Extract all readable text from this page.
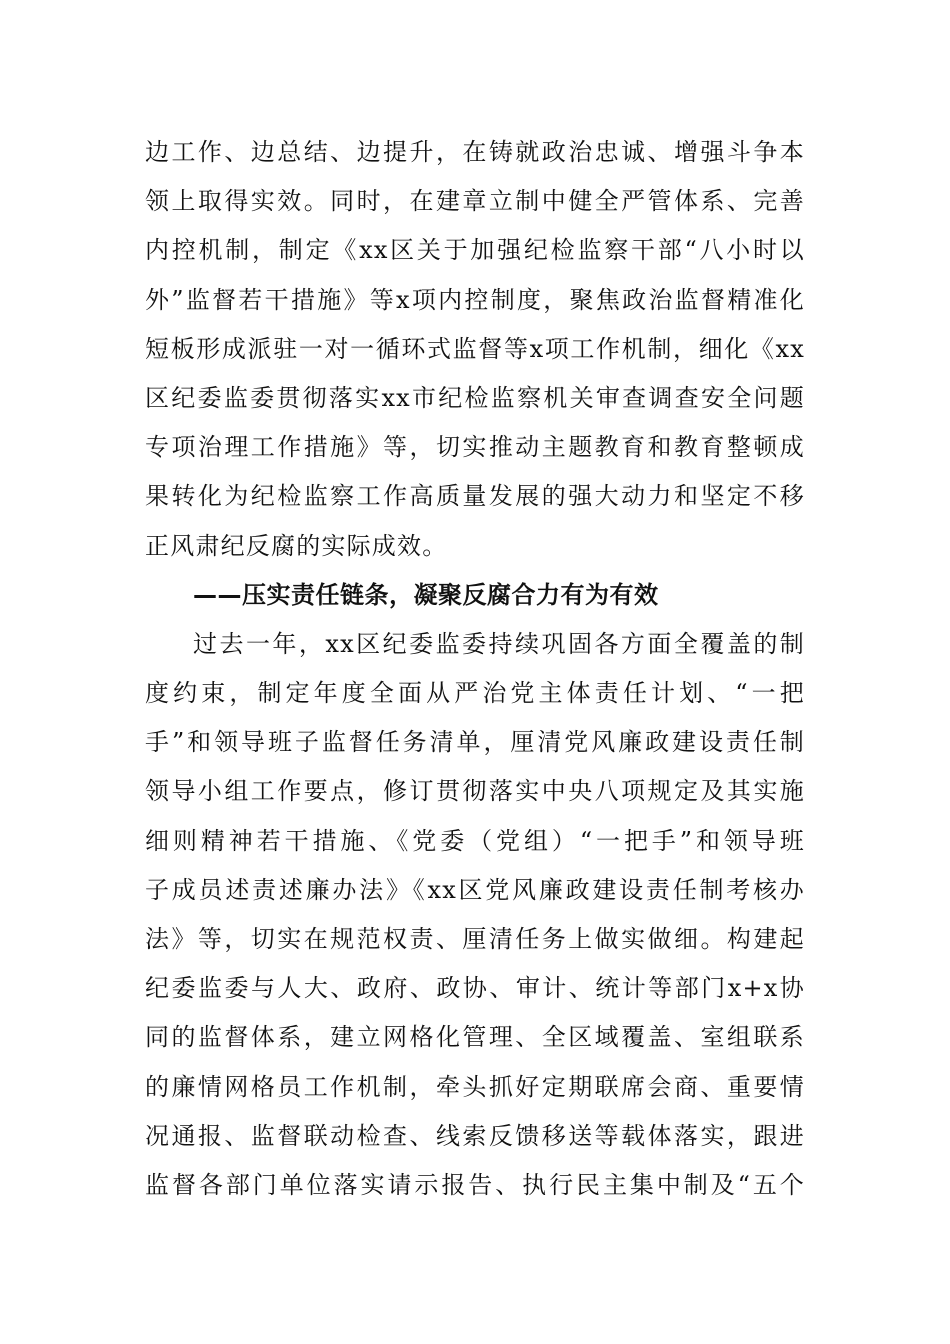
边工作、边总结、边提升，在铸就政治忠诚、增强斗争本
领上取得实效。同时，在建章立制中健全严管体系、完善
内控机制，制定《xx区关于加强纪检监察干部“八小时以
外”监督若干措施》等x项内控制度，聚焦政治监督精准化
短板形成派驻一对一循环式监督等x项工作机制，细化《xx
区纪委监委贯彻落实xx市纪检监察机关审查调查安全问题
专项治理工作措施》等，切实推动主题教育和教育整顿成
果转化为纪检监察工作高质量发展的强大动力和坚定不移
正风肃纪反腐的实际成效。
——压实责任链条，凝聚反腐合力有为有效
过去一年，xx区纪委监委持续巩固各方面全覆盖的制
度约束，制定年度全面从严治党主体责任计划、“一把
手”和领导班子监督任务清单，厘清党风廉政建设责任制
领导小组工作要点，修订贯彻落实中央八项规定及其实施
细则精神若干措施、《党委（党组）“一把手”和领导班
子成员述责述廉办法》《xx区党风廉政建设责任制考核办
法》等，切实在规范权责、厘清任务上做实做细。构建起
纪委监委与人大、政府、政协、审计、统计等部门x+x协
同的监督体系，建立网格化管理、全区域覆盖、室组联系
的廉情网格员工作机制，牵头抓好定期联席会商、重要情
况通报、监督联动检查、线索反馈移送等载体落实，跟进
监督各部门单位落实请示报告、执行民主集中制及“五个
